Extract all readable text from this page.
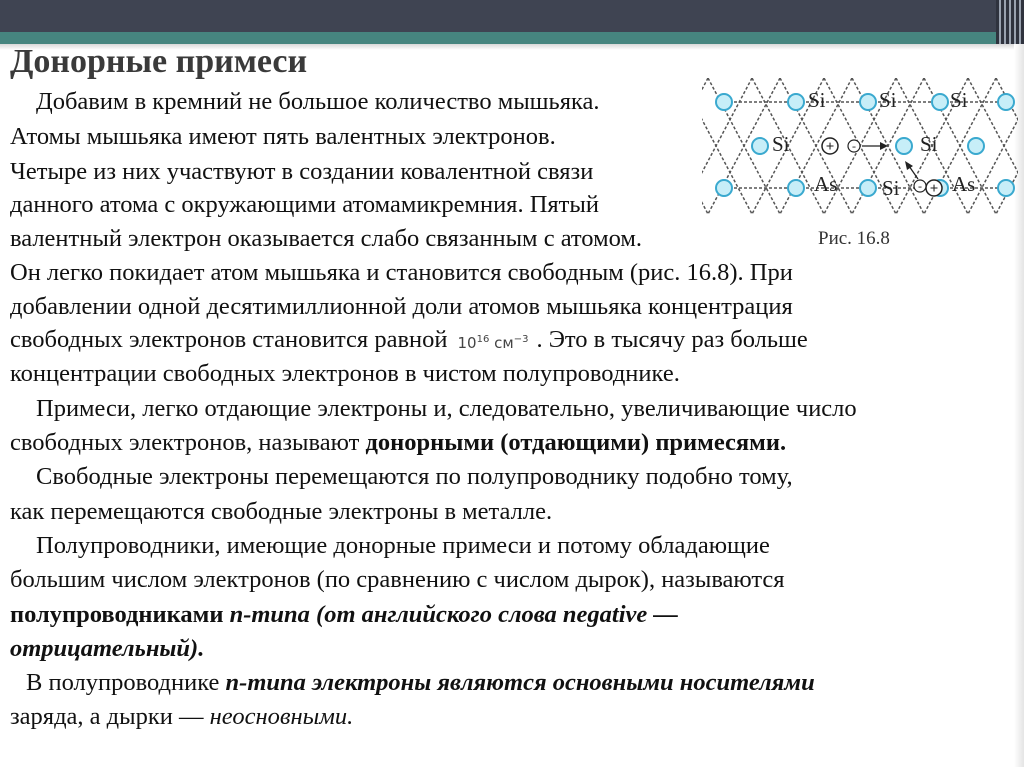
Донорные примеси
Si	Si	Si
Si	Si
As Si As
+
+
-
-
Рис. 16.8
Добавим в кремний не большое количество мышьяка.
Атомы мышьяка имеют пять валентных электронов.
Четыре из них участвуют в создании ковалентной связи
данного атома с окружающими атомамикремния. Пятый
валентный электрон оказывается слабо связанным с атомом.
Он легко покидает атом мышьяка и становится свободным (рис. 16.8). При
добавлении одной десятимиллионной доли атомов мышьяка концентрация
свободных электронов становится равной $10^{16}$ $см^{-3}$ . Это в тысячу раз больше
концентрации свободных электронов в чистом полупроводнике.
Примеси, легко отдающие электроны и, следовательно, увеличивающие число
свободных электронов, называют донорными (отдающими) примесями.
Свободные электроны перемещаются по полупроводнику подобно тому,
как перемещаются свободные электроны в металле.
Полупроводники, имеющие донорные примеси и потому обладающие
большим числом электронов (по сравнению с числом дырок), называются
полупроводниками n-типа (от английского слова negative —
отрицательный).
В полупроводнике n-типа электроны являются основными носителями
заряда, а дырки — неосновными.
